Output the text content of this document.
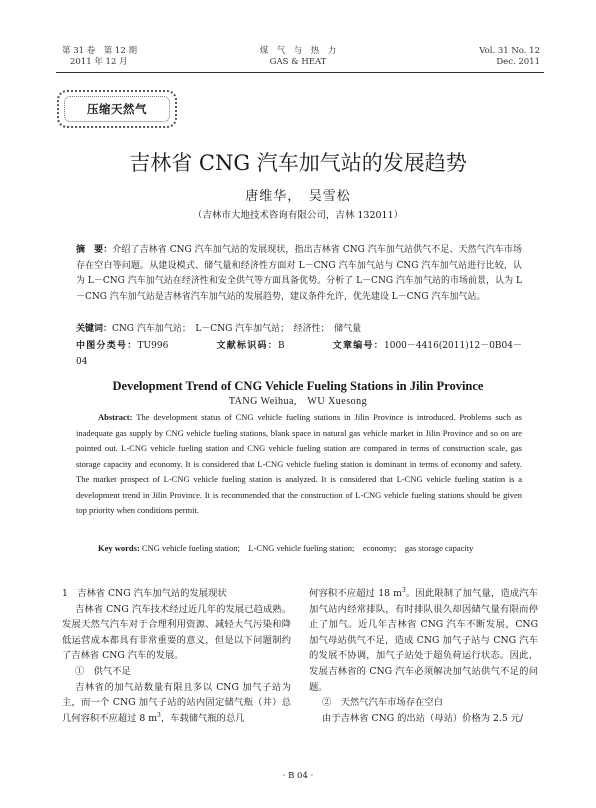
第 31 卷　第 12 期
2011 年 12 月
煤　气　与　热　力
GAS & HEAT
Vol. 31 No. 12
Dec. 2011
压缩天然气
吉林省 CNG 汽车加气站的发展趋势
唐维华，　吴雪松
（吉林市大地技术咨询有限公司，吉林 132011）
摘　要：介绍了吉林省 CNG 汽车加气站的发展现状，指出吉林省 CNG 汽车加气站供气不足、天然气汽车市场存在空白等问题。从建设模式、储气量和经济性方面对 L－CNG 汽车加气站与 CNG 汽车加气站进行比较，认为 L－CNG 汽车加气站在经济性和安全供气等方面具备优势。分析了 L－CNG 汽车加气站的市场前景，认为 L－CNG 汽车加气站是吉林省汽车加气站的发展趋势，建议条件允许，优先建设 L－CNG 汽车加气站。
关键词：CNG 汽车加气站；　L－CNG 汽车加气站；　经济性；　储气量
中图分类号：TU996	文献标识码：B	文章编号：1000－4416(2011)12－0B04－04
Development Trend of CNG Vehicle Fueling Stations in Jilin Province
TANG Weihua,　WU Xuesong
Abstract: The development status of CNG vehicle fueling stations in Jilin Province is introduced. Problems such as inadequate gas supply by CNG vehicle fueling stations, blank space in natural gas vehicle market in Jilin Province and so on are pointed out. L-CNG vehicle fueling station and CNG vehicle fueling station are compared in terms of construction scale, gas storage capacity and economy. It is considered that L-CNG vehicle fueling station is dominant in terms of economy and safety. The market prospect of L-CNG vehicle fueling station is analyzed. It is considered that L-CNG vehicle fueling station is a development trend in Jilin Province. It is recommended that the construction of L-CNG vehicle fueling stations should be given top priority when conditions permit.
Key words: CNG vehicle fueling station;　L-CNG vehicle fueling station;　economy;　gas storage capacity

1　吉林省 CNG 汽车加气站的发展现状

吉林省 CNG 汽车技术经过近几年的发展已趋成熟。发展天然气汽车对于合理利用资源、减轻大气污染和降低运营成本都具有非常重要的意义，但是以下问题制约了吉林省 CNG 汽车的发展。

①　供气不足

吉林省的加气站数量有限且多以 CNG 加气子站为主，而一个 CNG 加气子站的站内固定储气瓶（井）总几何容积不应超过 8 $m^3$，车载储气瓶的总几

何容积不应超过 18 $m^3$。因此限制了加气量，造成汽车加气站内经常排队，有时排队很久却因储气量有限而停止了加气。近几年吉林省 CNG 汽车不断发展，CNG 加气母站供气不足，造成 CNG 加气子站与 CNG 汽车的发展不协调，加气子站处于超负荷运行状态。因此，发展吉林省的 CNG 汽车必须解决加气站供气不足的问题。

②　天然气汽车市场存在空白

由于吉林省 CNG 的出站（母站）价格为 2.5 元/

· B 04 ·
